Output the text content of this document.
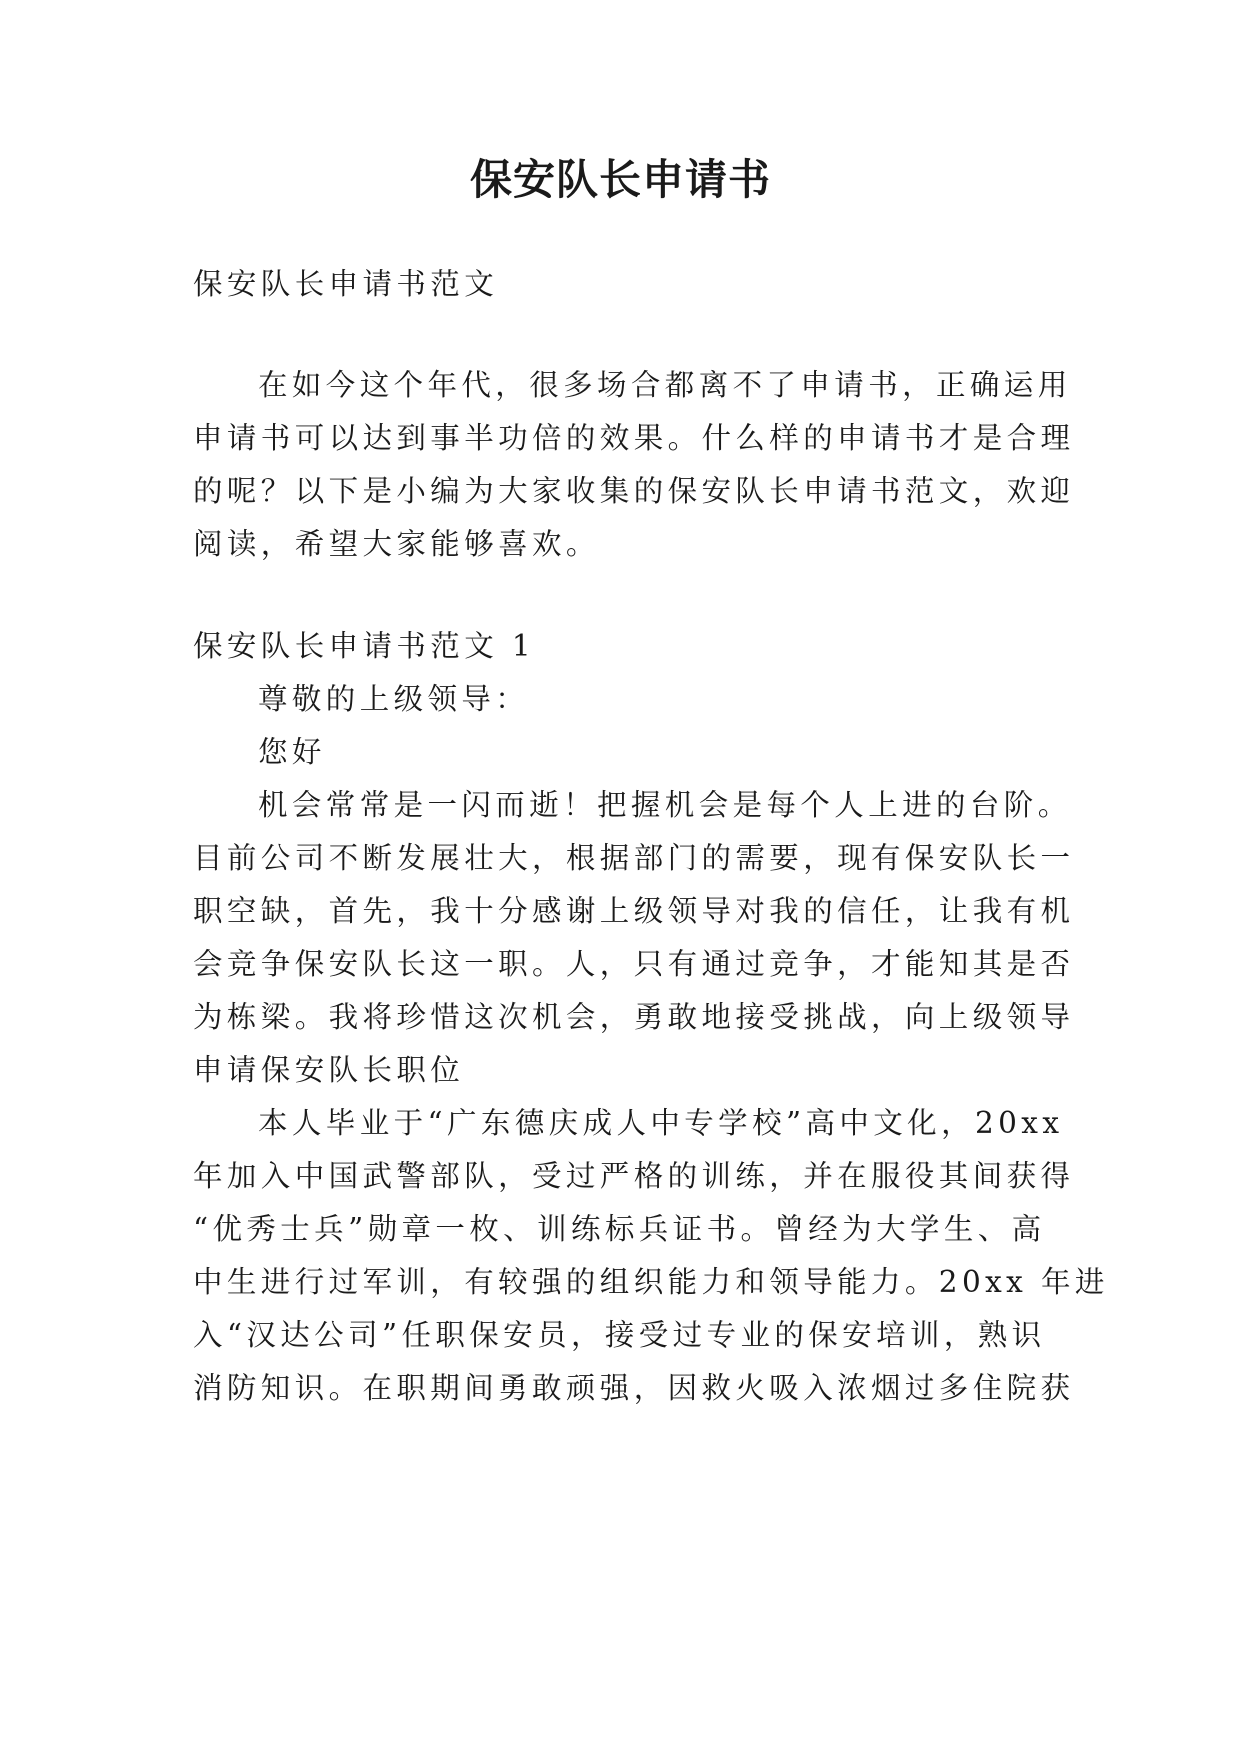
保安队长申请书
保安队长申请书范文
在如今这个年代，很多场合都离不了申请书，正确运用
申请书可以达到事半功倍的效果。什么样的申请书才是合理
的呢？以下是小编为大家收集的保安队长申请书范文，欢迎
阅读，希望大家能够喜欢。
保安队长申请书范文 1
尊敬的上级领导：
您好
机会常常是一闪而逝！把握机会是每个人上进的台阶。
目前公司不断发展壮大，根据部门的需要，现有保安队长一
职空缺，首先，我十分感谢上级领导对我的信任，让我有机
会竞争保安队长这一职。人，只有通过竞争，才能知其是否
为栋梁。我将珍惜这次机会，勇敢地接受挑战，向上级领导
申请保安队长职位
本人毕业于“广东德庆成人中专学校”高中文化，20xx
年加入中国武警部队，受过严格的训练，并在服役其间获得
“优秀士兵”勋章一枚、训练标兵证书。曾经为大学生、高
中生进行过军训，有较强的组织能力和领导能力。20xx 年进
入“汉达公司”任职保安员，接受过专业的保安培训，熟识
消防知识。在职期间勇敢顽强，因救火吸入浓烟过多住院获
